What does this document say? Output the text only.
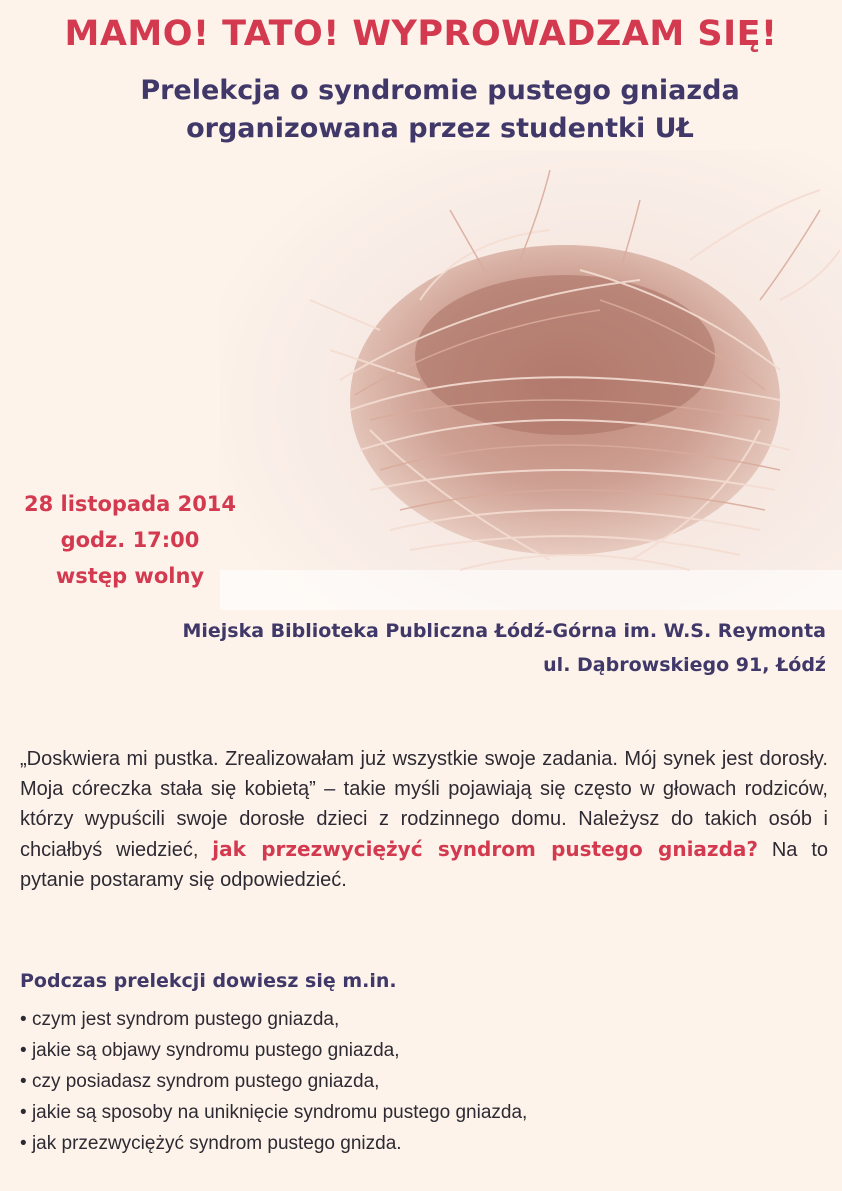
MAMO! TATO! WYPROWADZAM SIĘ!
Prelekcja o syndromie pustego gniazda
organizowana przez studentki UŁ
28 listopada 2014
godz. 17:00
wstęp wolny
Miejska Biblioteka Publiczna Łódź-Górna im. W.S. Reymonta
ul. Dąbrowskiego 91, Łódź

„Doskwiera mi pustka. Zrealizowałam już wszystkie swoje zadania. Mój synek jest dorosły. Moja córeczka stała się kobietą” – takie myśli pojawiają się często w głowach rodziców, którzy wypuścili swoje dorosłe dzieci z rodzinnego domu. Należysz do takich osób i chciałbyś wiedzieć, jak przezwyciężyć syndrom pustego gniazda? Na to pytanie postaramy się odpowiedzieć.

Podczas prelekcji dowiesz się m.in.
• czym jest syndrom pustego gniazda,
• jakie są objawy syndromu pustego gniazda,
• czy posiadasz syndrom pustego gniazda,
• jakie są sposoby na uniknięcie syndromu pustego gniazda,
• jak przezwyciężyć syndrom pustego gnizda.
